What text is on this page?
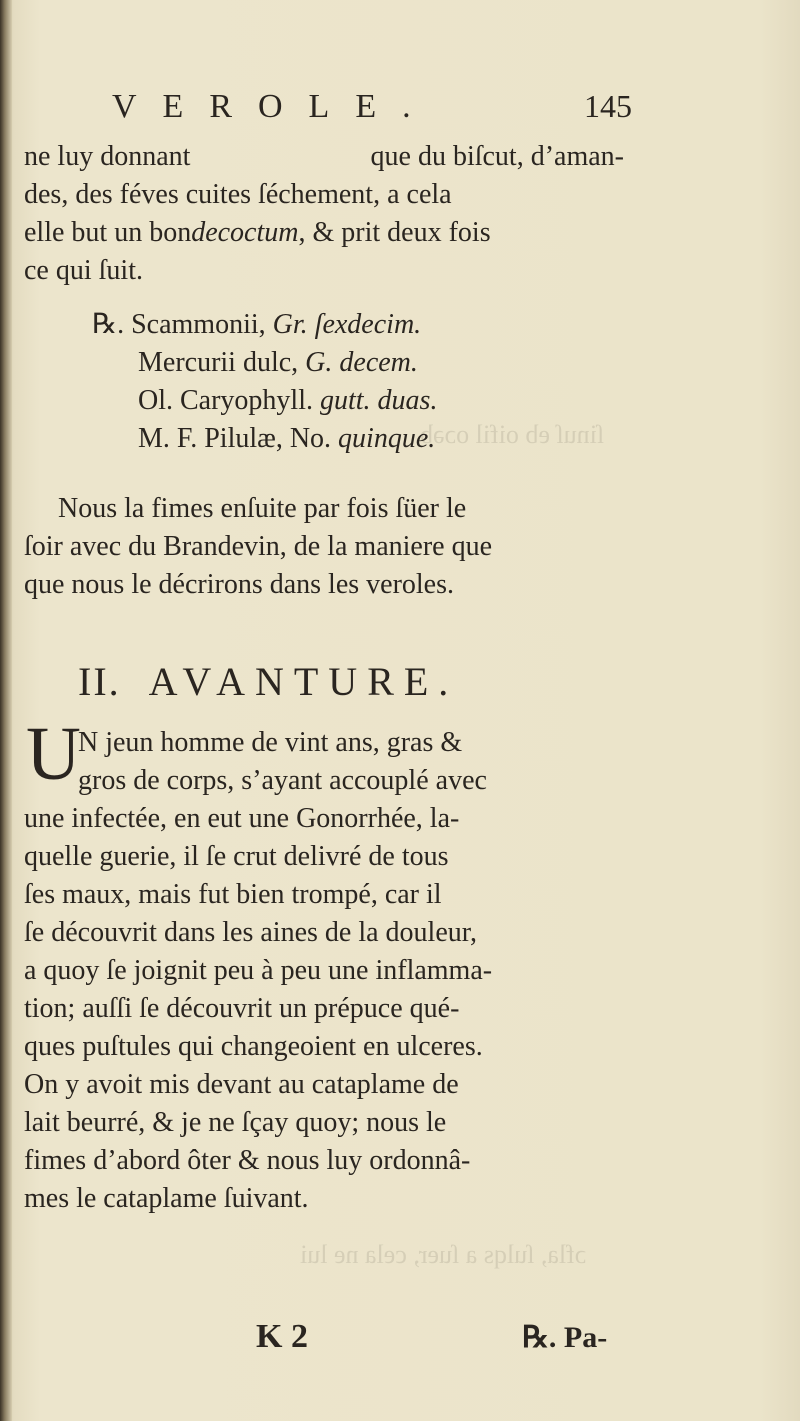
ſinuſ eb oifil oɔəb
ɔfla, ſulqs a ſuer, cela ne lui
VEROLE.	145
ne luy donnant	que du biſcut, d’aman-
des, des féves cuites ſéchement, a cela
elle but un bon decoctum , & prit deux fois
ce qui ſuit.
℞. Scammonii, Gr. ſexdecim.
Mercurii dulc, G. decem.
Ol. Caryophyll. gutt. duas.
M. F. Pilulæ, No. quinque.
Nous la fimes enſuite par fois ſüer le
ſoir avec du Brandevin, de la maniere que
que nous le décrirons dans les veroles.
II. AVANTURE.
U
N jeun homme de vint ans, gras &
gros de corps, s’ayant accouplé avec
une infectée, en eut une Gonorrhée, la-
quelle guerie, il ſe crut delivré de tous
ſes maux, mais fut bien trompé, car il
ſe découvrit dans les aines de la douleur,
a quoy ſe joignit peu à peu une inflamma-
tion; auſſi ſe découvrit un prépuce qué-
ques puſtules qui changeoient en ulceres.
On y avoit mis devant au cataplame de
lait beurré, & je ne ſçay quoy; nous le
fimes d’abord ôter & nous luy ordonnâ-
mes le cataplame ſuivant.
K 2	℞. Pa-
